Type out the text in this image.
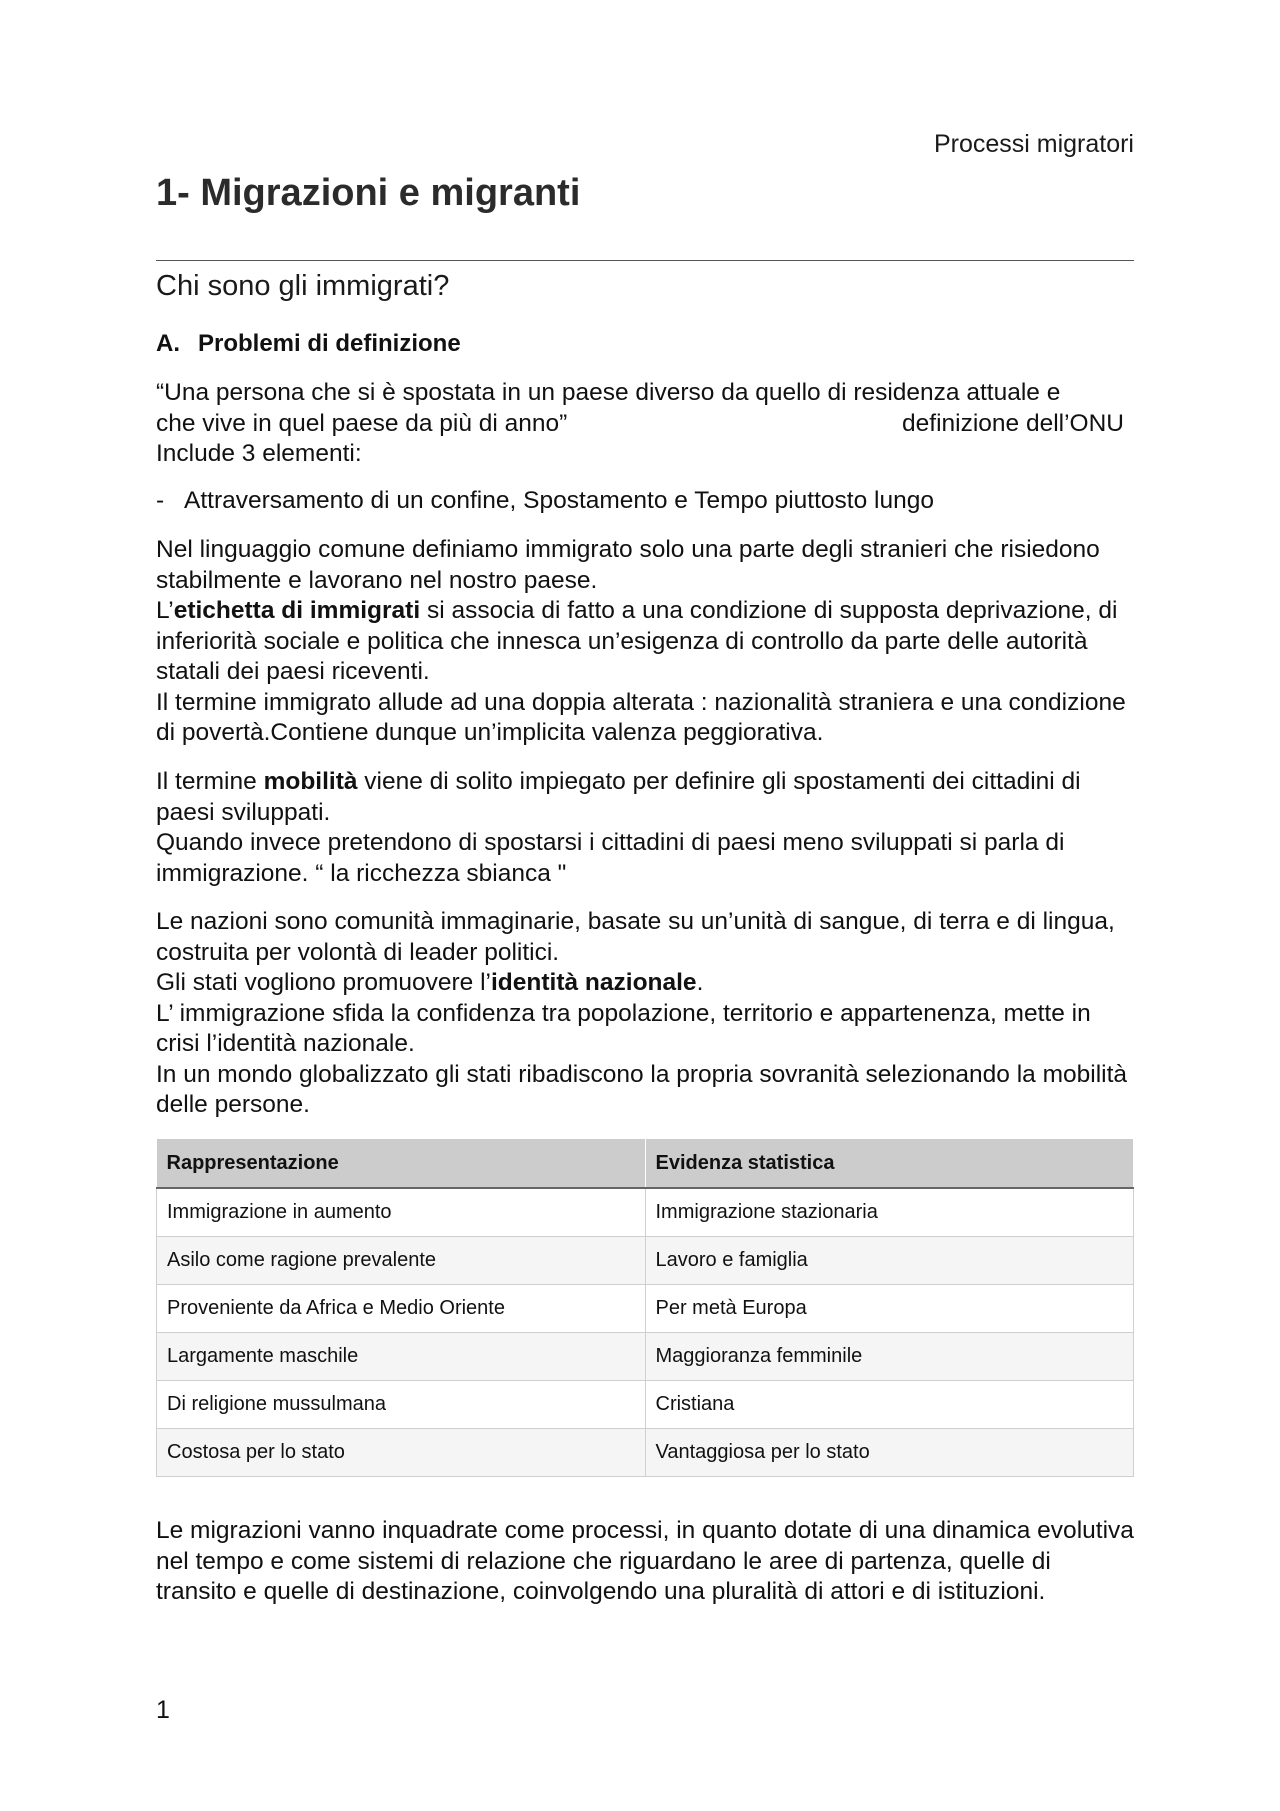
Processi migratori
1- Migrazioni e migranti
Chi sono gli immigrati?
A. Problemi di definizione

“Una persona che si è spostata in un paese diverso da quello di residenza attuale e

che vive in quel paese da più di anno”	definizione dell’ONU

Include 3 elementi:

- Attraversamento di un confine, Spostamento e Tempo piuttosto lungo

Nel linguaggio comune definiamo immigrato solo una parte degli stranieri che risiedono stabilmente e lavorano nel nostro paese.

L’etichetta di immigrati si associa di fatto a una condizione di supposta deprivazione, di inferiorità sociale e politica che innesca un’esigenza di controllo da parte delle autorità statali dei paesi riceventi.

Il termine immigrato allude ad una doppia alterata : nazionalità straniera e una condizione di povertà.Contiene dunque un’implicita valenza peggiorativa.

Il termine mobilità viene di solito impiegato per definire gli spostamenti dei cittadini di paesi sviluppati.

Quando invece pretendono di spostarsi i cittadini di paesi meno sviluppati si parla di immigrazione. “ la ricchezza sbianca "

Le nazioni sono comunità immaginarie, basate su un’unità di sangue, di terra e di lingua, costruita per volontà di leader politici.

Gli stati vogliono promuovere l’identità nazionale.

L’ immigrazione sfida la confidenza tra popolazione, territorio e appartenenza, mette in crisi l’identità nazionale.

In un mondo globalizzato gli stati ribadiscono la propria sovranità selezionando la mobilità delle persone.

Rappresentazione	Evidenza statistica
Immigrazione in aumento	Immigrazione stazionaria
Asilo come ragione prevalente	Lavoro e famiglia
Proveniente da Africa e Medio Oriente	Per metà Europa
Largamente maschile	Maggioranza femminile
Di religione mussulmana	Cristiana
Costosa per lo stato	Vantaggiosa per lo stato

Le migrazioni vanno inquadrate come processi, in quanto dotate di una dinamica evolutiva nel tempo e come sistemi di relazione che riguardano le aree di partenza, quelle di transito e quelle di destinazione, coinvolgendo una pluralità di attori e di istituzioni.

1
